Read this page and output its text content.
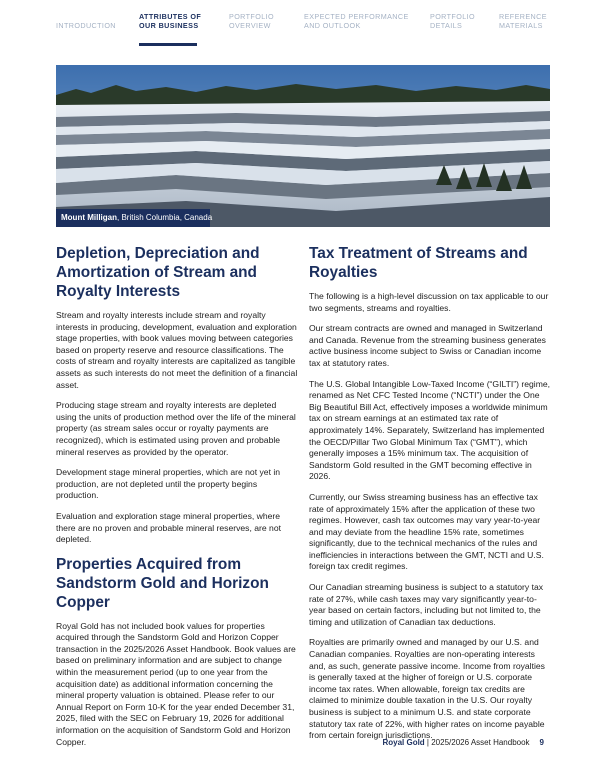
INTRODUCTION
ATTRIBUTES OF
OUR BUSINESS
PORTFOLIO
OVERVIEW
EXPECTED PERFORMANCE
AND OUTLOOK
PORTFOLIO
DETAILS
REFERENCE
MATERIALS
Mount Milligan, British Columbia, Canada
Depletion, Depreciation and Amortization of Stream and Royalty Interests

Stream and royalty interests include stream and royalty interests in producing, development, evaluation and exploration stage properties, with book values moving between categories based on property reserve and resource classifications. The costs of stream and royalty interests are capitalized as tangible assets as such interests do not meet the definition of a financial asset.

Producing stage stream and royalty interests are depleted using the units of production method over the life of the mineral property (as stream sales occur or royalty payments are recognized), which is estimated using proven and probable mineral reserves as provided by the operator.

Development stage mineral properties, which are not yet in production, are not depleted until the property begins production.

Evaluation and exploration stage mineral properties, where there are no proven and probable mineral reserves, are not depleted.

Properties Acquired from Sandstorm Gold and Horizon Copper

Royal Gold has not included book values for properties acquired through the Sandstorm Gold and Horizon Copper transaction in the 2025/2026 Asset Handbook. Book values are based on preliminary information and are subject to change within the measurement period (up to one year from the acquisition date) as additional information concerning the mineral property valuation is obtained. Please refer to our Annual Report on Form 10-K for the year ended December 31, 2025, filed with the SEC on February 19, 2026 for additional information on the acquisition of Sandstorm Gold and Horizon Copper.

Tax Treatment of Streams and Royalties

The following is a high-level discussion on tax applicable to our two segments, streams and royalties.

Our stream contracts are owned and managed in Switzerland and Canada. Revenue from the streaming business generates active business income subject to Swiss or Canadian income tax at statutory rates.

The U.S. Global Intangible Low-Taxed Income (“GILTI”) regime, renamed as Net CFC Tested Income (“NCTI”) under the One Big Beautiful Bill Act, effectively imposes a worldwide minimum tax on stream earnings at an estimated tax rate of approximately 14%. Separately, Switzerland has implemented the OECD/Pillar Two Global Minimum Tax (“GMT”), which generally imposes a 15% minimum tax. The acquisition of Sandstorm Gold resulted in the GMT becoming effective in 2026.

Currently, our Swiss streaming business has an effective tax rate of approximately 15% after the application of these two regimes. However, cash tax outcomes may vary year-to-year and may deviate from the headline 15% rate, sometimes significantly, due to the technical mechanics of the rules and inefficiencies in interactions between the GMT, NCTI and U.S. foreign tax credit regimes.

Our Canadian streaming business is subject to a statutory tax rate of 27%, while cash taxes may vary significantly year-to-year based on certain factors, including but not limited to, the timing and utilization of Canadian tax deductions.

Royalties are primarily owned and managed by our U.S. and Canadian companies. Royalties are non-operating interests and, as such, generate passive income. Income from royalties is generally taxed at the higher of foreign or U.S. corporate income tax rates. When allowable, foreign tax credits are claimed to minimize double taxation in the U.S. Our royalty business is subject to a minimum U.S. and state corporate statutory tax rate of 22%, with higher rates on income payable from certain foreign jurisdictions.

Royal Gold | 2025/2026 Asset Handbook 9
